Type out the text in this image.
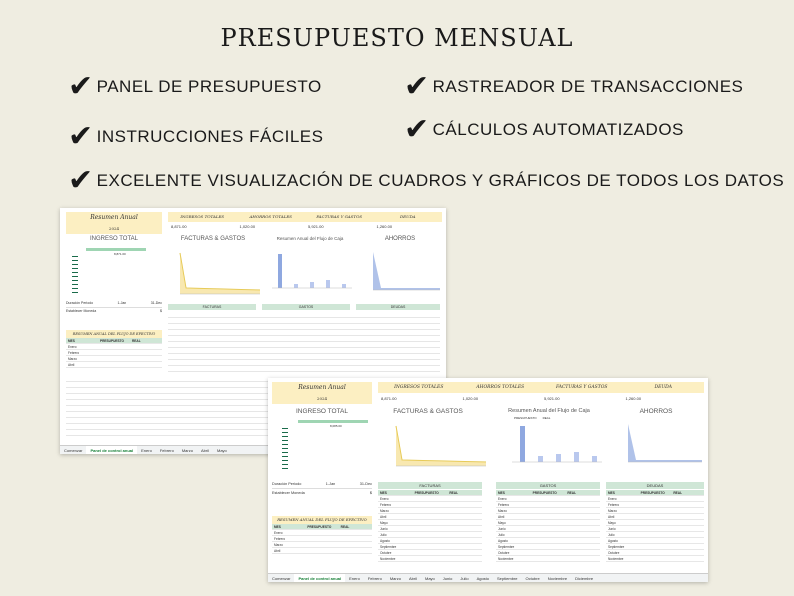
PRESUPUESTO MENSUAL
✔ PANEL DE PRESUPUESTO	✔ RASTREADOR DE TRANSACCIONES
✔ INSTRUCCIONES FÁCILES	✔ CÁLCULOS AUTOMATIZADOS
✔ EXCELENTE VISUALIZACIÓN DE CUADROS Y GRÁFICOS DE TODOS LOS DATOS
Resumen Anual
2024
INGRESOS TOTALES
8,871.00
AHORROS TOTALES
1,020.00
FACTURAS Y GASTOS
5,921.00
DEUDA
1,260.00
INGRESO TOTAL
8,871.00
FACTURAS & GASTOS	Resumen Anual del Flujo de Caja	AHORROS
Duración Periodo	1-Jan	31-Dec
Establecer Moneda	$
RESUMEN ANUAL DEL FLUJO DE EFECTIVO
MES	PRESUPUESTO	REAL
Enero
Febrero
Marzo
Abril
FACTURAS	GASTOS	DEUDAS
Comenzar	Panel de control anual	Enero	Febrero	Marzo	Abril	Mayo
Resumen Anual
2024
INGRESOS TOTALES
8,871.00
AHORROS TOTALES
1,020.00
FACTURAS Y GASTOS
5,921.00
DEUDA
1,260.00
INGRESO TOTAL
8,085.00
FACTURAS & GASTOS	Resumen Anual del Flujo de Caja
PRESUPUESTO REAL
AHORROS
Duración Periodo	1-Jan	31-Dec
Establecer Moneda	$
RESUMEN ANUAL DEL FLUJO DE EFECTIVO
MES	PRESUPUESTO	REAL
Enero
Febrero
Marzo
Abril
FACTURAS	GASTOS	DEUDAS
MES	PRESUPUESTO	REAL
Enero
Febrero
Marzo
Abril
Mayo
Junio
Julio
Agosto
Septiembre
Octubre
Noviembre
MES	PRESUPUESTO	REAL
Enero
Febrero
Marzo
Abril
Mayo
Junio
Julio
Agosto
Septiembre
Octubre
Noviembre
MES	PRESUPUESTO	REAL
Enero
Febrero
Marzo
Abril
Mayo
Junio
Julio
Agosto
Septiembre
Octubre
Noviembre
Comenzar	Panel de control anual	Enero	Febrero	Marzo	Abril	Mayo	Junio	Julio	Agosto	Septiembre	Octubre	Noviembre	Diciembre
